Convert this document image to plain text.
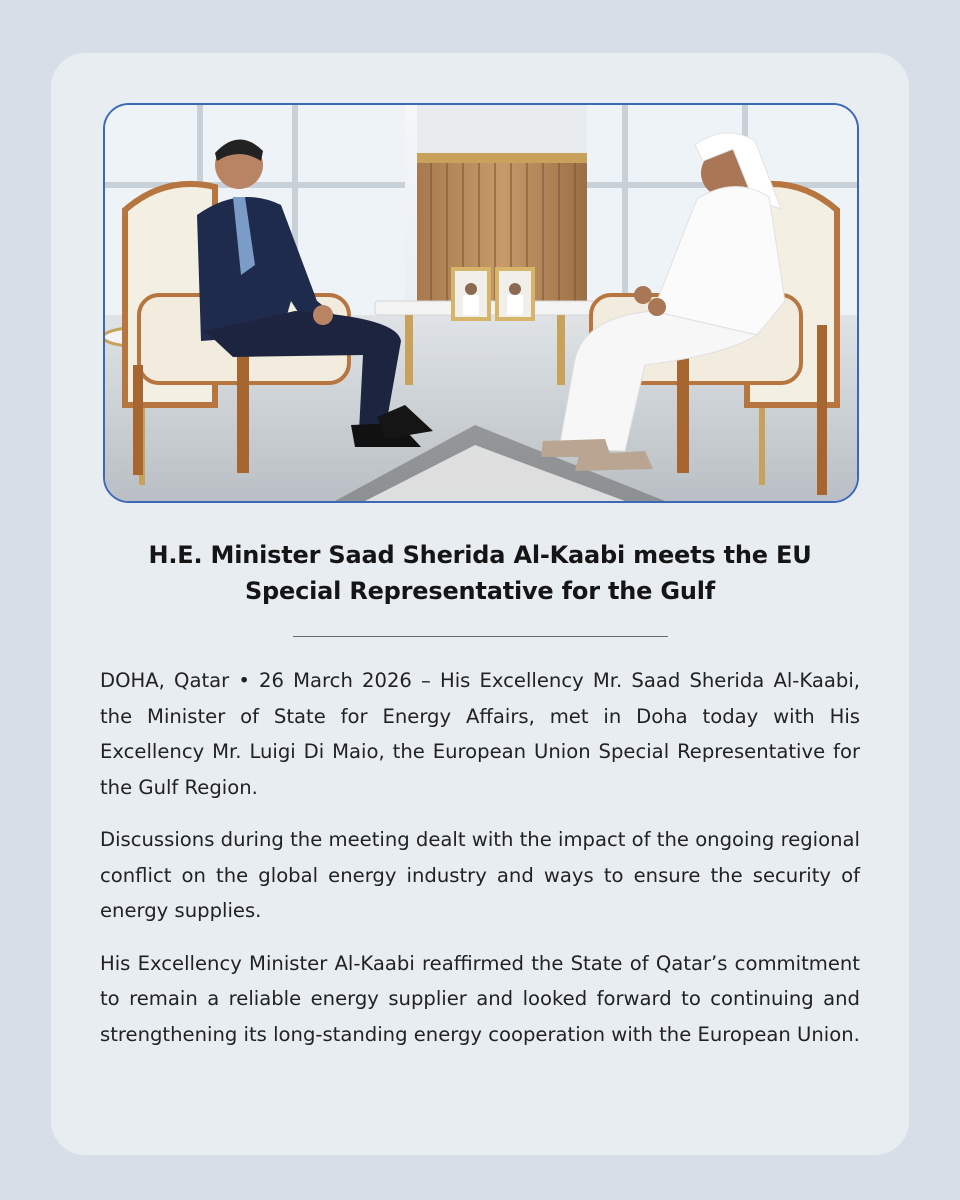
H.E. Minister Saad Sherida Al-Kaabi meets the EU Special Representative for the Gulf

DOHA, Qatar • 26 March 2026 – His Excellency Mr. Saad Sherida Al-Kaabi, the Minister of State for Energy Affairs, met in Doha today with His Excellency Mr. Luigi Di Maio, the European Union Special Representative for the Gulf Region.

Discussions during the meeting dealt with the impact of the ongoing regional conflict on the global energy industry and ways to ensure the security of energy supplies.

His Excellency Minister Al-Kaabi reaffirmed the State of Qatar’s commitment to remain a reliable energy supplier and looked forward to continuing and strengthening its long-standing energy cooperation with the European Union.
